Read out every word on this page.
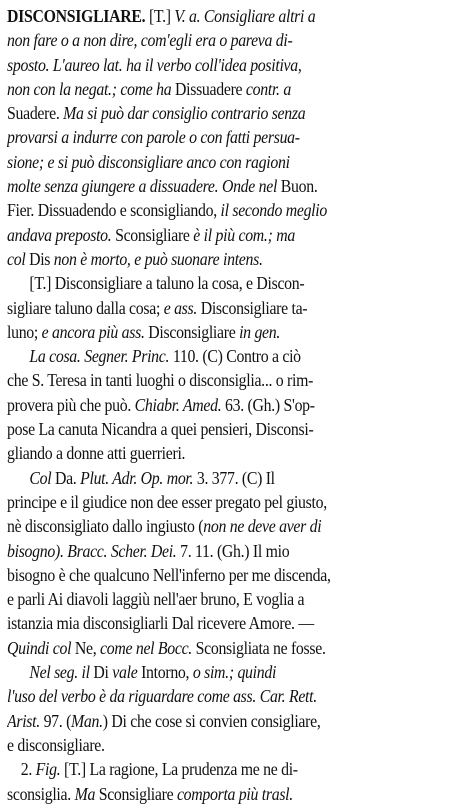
DISCONSIGLIARE. [T.] V. a. Consigliare altri a
non fare o a non dire, com'egli era o pareva di-
sposto. L'aureo lat. ha il verbo coll'idea positiva,
non con la negat.; come ha Dissuadere contr. a
Suadere. Ma si può dar consiglio contrario senza
provarsi a indurre con parole o con fatti persua-
sione; e si può disconsigliare anco con ragioni
molte senza giungere a dissuadere. Onde nel Buon.
Fier. Dissuadendo e sconsigliando, il secondo meglio
andava preposto. Sconsigliare è il più com.; ma
col Dis non è morto, e può suonare intens.
[T.] Disconsigliare a taluno la cosa, e Discon-
sigliare taluno dalla cosa; e ass. Disconsigliare ta-
luno; e ancora più ass. Disconsigliare in gen.
La cosa. Segner. Princ. 110. (C) Contro a ciò
che S. Teresa in tanti luoghi o disconsiglia... o rim-
provera più che può. Chiabr. Amed. 63. (Gh.) S'op-
pose La canuta Nicandra a quei pensieri, Disconsi-
gliando a donne atti guerrieri.
Col Da. Plut. Adr. Op. mor. 3. 377. (C) Il
principe e il giudice non dee esser pregato pel giusto,
nè disconsigliato dallo ingiusto (non ne deve aver di
bisogno). Bracc. Scher. Dei. 7. 11. (Gh.) Il mio
bisogno è che qualcuno Nell'inferno per me discenda,
e parli Ai diavoli laggiù nell'aer bruno, E voglia a
istanzia mia disconsigliarli Dal ricevere Amore. —
Quindi col Ne, come nel Bocc. Sconsigliata ne fosse.
Nel seg. il Di vale Intorno, o sim.; quindi
l'uso del verbo è da riguardare come ass. Car. Rett.
Arist. 97. (Man.) Di che cose si convien consigliare,
e disconsigliare.
2. Fig. [T.] La ragione, La prudenza me ne di-
sconsiglia. Ma Sconsigliare comporta più trasl.
